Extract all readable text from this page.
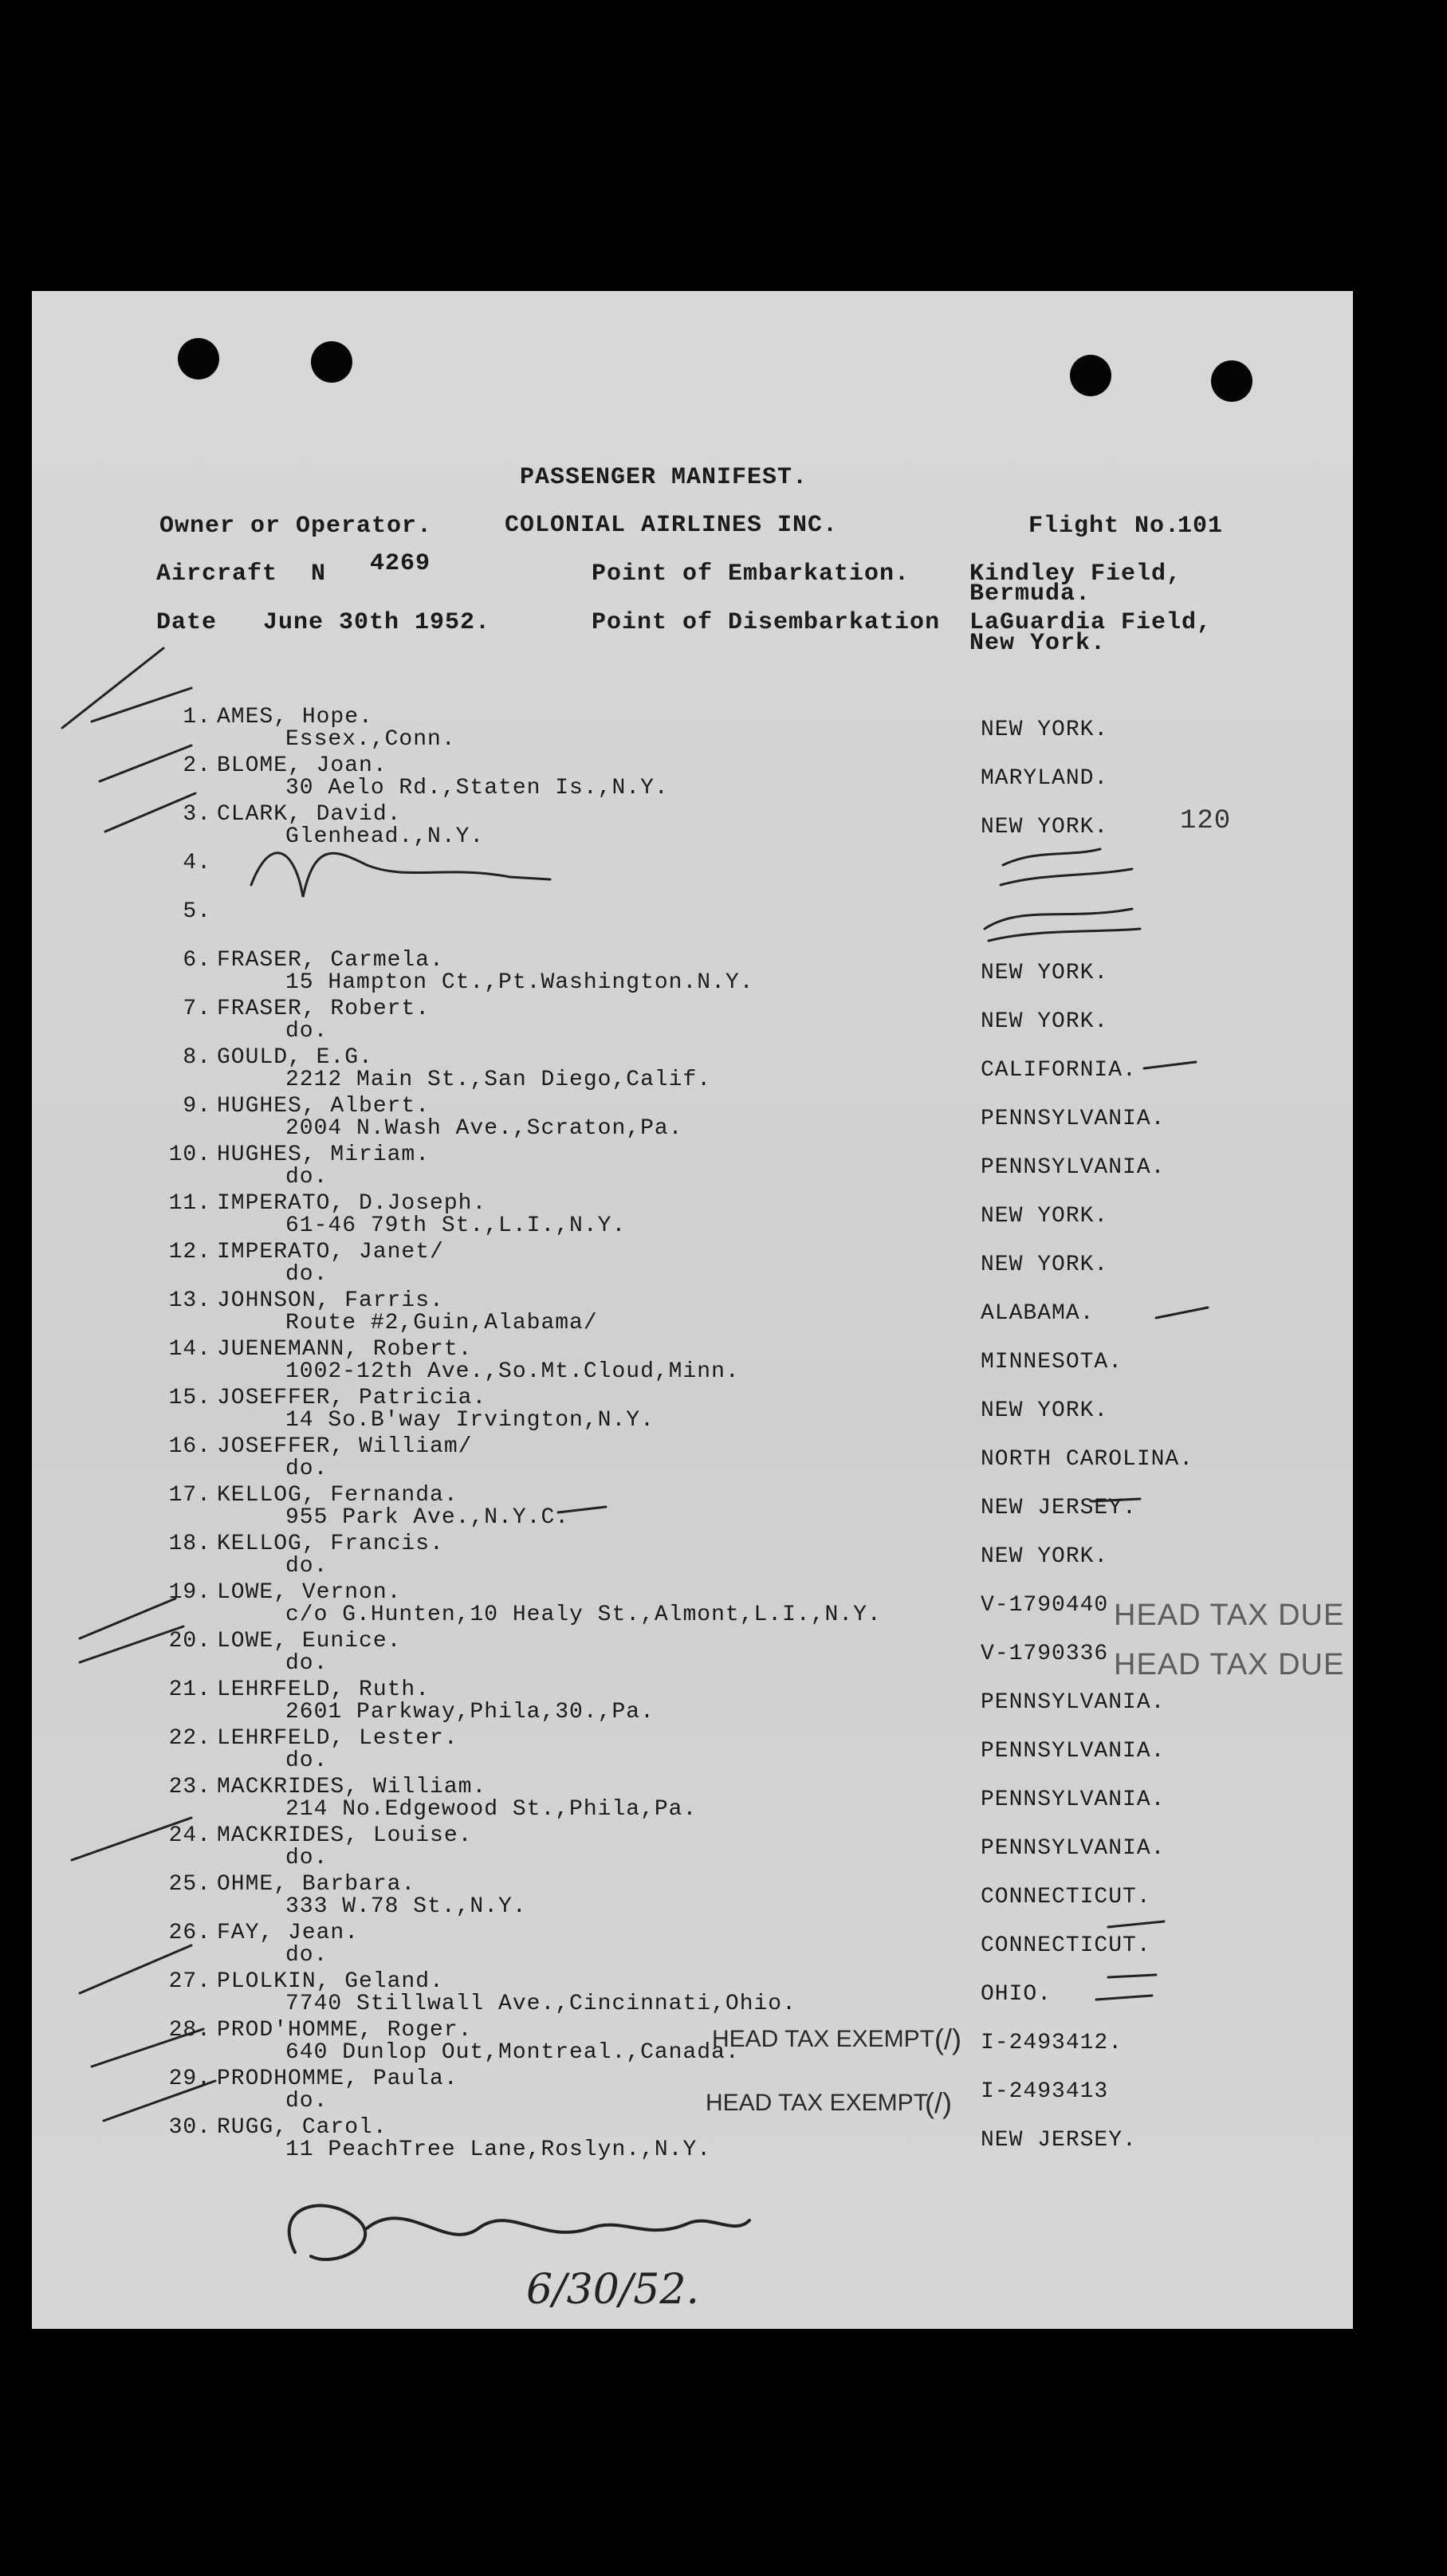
PASSENGER MANIFEST.
Owner or Operator.	COLONIAL AIRLINES INC.	Flight No.
101
Aircraft N 4269	Point of Embarkation. Kindley Field,
Bermuda.
Date June 30th 1952.	Point of Disembarkation LaGuardia Field,
New York.
120
1. AMES, Hope.
Essex.,Conn.	NEW YORK.
2. BLOME, Joan.
30 Aelo Rd.,Staten Is.,N.Y.	MARYLAND.
3. CLARK, David.
Glenhead.,N.Y.	NEW YORK.
4.
5.
6. FRASER, Carmela.
15 Hampton Ct.,Pt.Washington.N.Y.	NEW YORK.
7. FRASER, Robert.
do.	NEW YORK.
8. GOULD, E.G.
2212 Main St.,San Diego,Calif.	CALIFORNIA.
9. HUGHES, Albert.
2004 N.Wash Ave.,Scraton,Pa.	PENNSYLVANIA.
10. HUGHES, Miriam.
do.	PENNSYLVANIA.
11. IMPERATO, D.Joseph.
61-46 79th St.,L.I.,N.Y.	NEW YORK.
12. IMPERATO, Janet/
do.	NEW YORK.
13. JOHNSON, Farris.
Route #2,Guin,Alabama/	ALABAMA.
14. JUENEMANN, Robert.
1002-12th Ave.,So.Mt.Cloud,Minn.	MINNESOTA.
15. JOSEFFER, Patricia.
14 So.B'way Irvington,N.Y.	NEW YORK.
16. JOSEFFER, William/
do.	NORTH CAROLINA.
17. KELLOG, Fernanda.
955 Park Ave.,N.Y.C.	NEW JERSEY.
18. KELLOG, Francis.
do.	NEW YORK.
19. LOWE, Vernon.
c/o G.Hunten,10 Healy St.,Almont,L.I.,N.Y.	V-1790440
20. LOWE, Eunice.
do.	V-1790336
21. LEHRFELD, Ruth.
2601 Parkway,Phila,30.,Pa.	PENNSYLVANIA.
22. LEHRFELD, Lester.
do.	PENNSYLVANIA.
23. MACKRIDES, William.
214 No.Edgewood St.,Phila,Pa.	PENNSYLVANIA.
24. MACKRIDES, Louise.
do.	PENNSYLVANIA.
25. OHME, Barbara.
333 W.78 St.,N.Y.	CONNECTICUT.
26. FAY, Jean.
do.	CONNECTICUT.
27. PLOLKIN, Geland.
7740 Stillwall Ave.,Cincinnati,Ohio.	OHIO.
28. PROD'HOMME, Roger.
640 Dunlop Out,Montreal.,Canada.	I-2493412.
29. PRODHOMME, Paula.
do.	I-2493413
30. RUGG, Carol.
11 PeachTree Lane,Roslyn.,N.Y.	NEW JERSEY.
HEAD TAX DUE
HEAD TAX DUE
HEAD TAX EXEMPT (/)
HEAD TAX EXEMPT
(/)
6/30/52.
